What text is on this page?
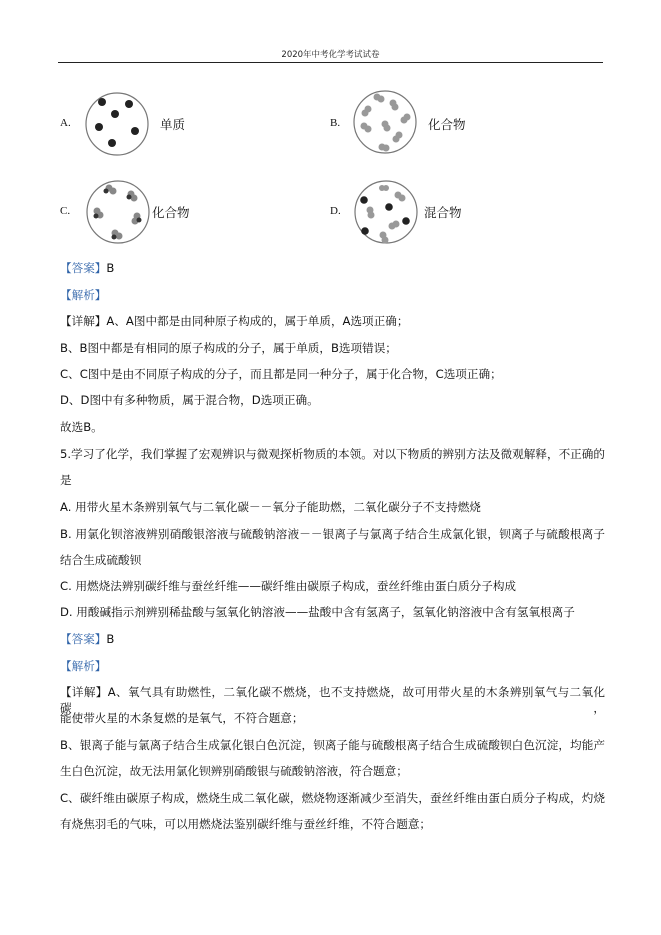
2020年中考化学考试试卷
A.	单质	B.	化合物
C.	化合物	D.	混合物
【答案】B
【解析】
【详解】A、A图中都是由同种原子构成的，属于单质，A选项正确；
B、B图中都是有相同的原子构成的分子，属于单质，B选项错误；
C、C图中是由不同原子构成的分子，而且都是同一种分子，属于化合物，C选项正确；
D、D图中有多种物质，属于混合物，D选项正确。
故选B。
5.学习了化学，我们掌握了宏观辨识与微观探析物质的本领。对以下物质的辨别方法及微观解释，不正确的
是
A. 用带火星木条辨别氧气与二氧化碳－－氧分子能助燃，二氧化碳分子不支持燃烧
B. 用氯化钡溶液辨别硝酸银溶液与硫酸钠溶液－－银离子与氯离子结合生成氯化银，钡离子与硫酸根离子
结合生成硫酸钡
C. 用燃烧法辨别碳纤维与蚕丝纤维——碳纤维由碳原子构成，蚕丝纤维由蛋白质分子构成
D. 用酸碱指示剂辨别稀盐酸与氢氧化钠溶液——盐酸中含有氢离子，氢氧化钠溶液中含有氢氧根离子
【答案】B
【解析】
【详解】A、氧气具有助燃性，二氧化碳不燃烧，也不支持燃烧，故可用带火星的木条辨别氧气与二氧化碳，
能使带火星的木条复燃的是氧气，不符合题意；
B、银离子能与氯离子结合生成氯化银白色沉淀，钡离子能与硫酸根离子结合生成硫酸钡白色沉淀，均能产
生白色沉淀，故无法用氯化钡辨别硝酸银与硫酸钠溶液，符合题意；
C、碳纤维由碳原子构成，燃烧生成二氧化碳，燃烧物逐渐减少至消失，蚕丝纤维由蛋白质分子构成，灼烧
有烧焦羽毛的气味，可以用燃烧法鉴别碳纤维与蚕丝纤维，不符合题意；
